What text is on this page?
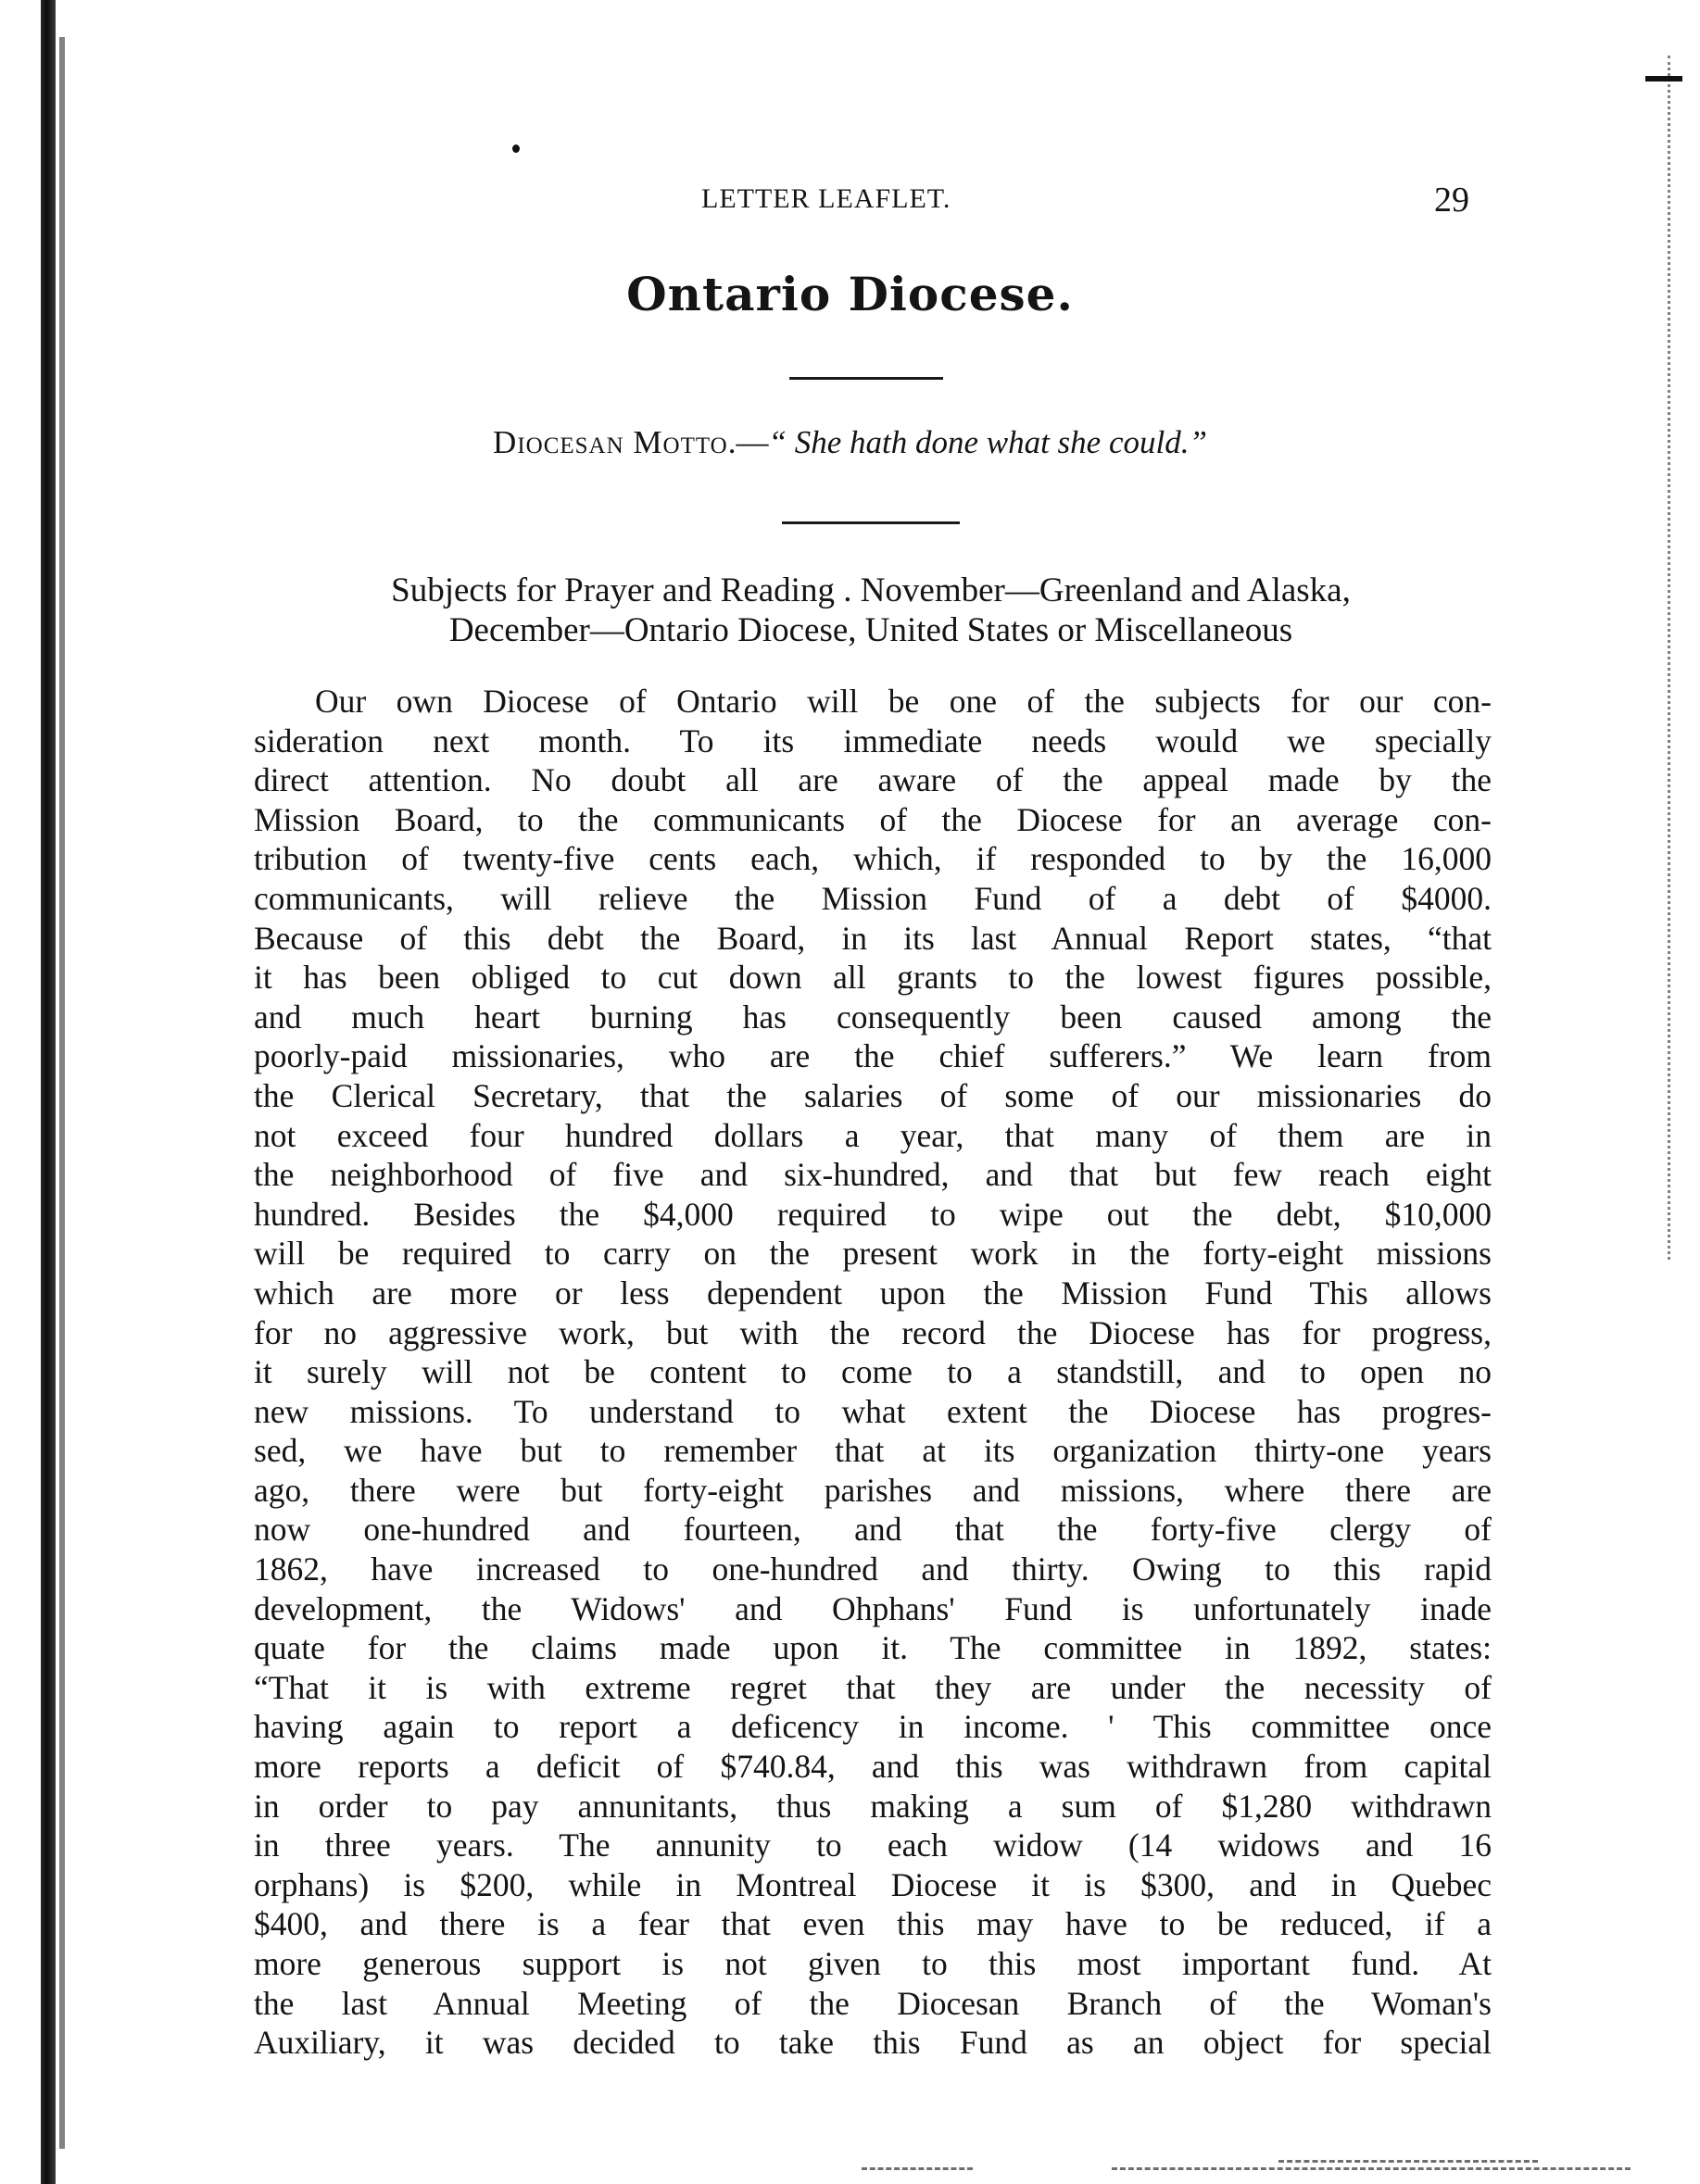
LETTER LEAFLET.	29
Ontario Diocese.
Diocesan Motto.—“ She hath done what she could.”
Subjects for Prayer and Reading . November—Greenland and Alaska,
December—Ontario Diocese, United States or Miscellaneous
Our own Diocese of Ontario will be one of the subjects for our con-
sideration next month. To its immediate needs would we specially
direct attention. No doubt all are aware of the appeal made by the
Mission Board, to the communicants of the Diocese for an average con-
tribution of twenty-five cents each, which, if responded to by the 16,000
communicants, will relieve the Mission Fund of a debt of $4000.
Because of this debt the Board, in its last Annual Report states, “that
it has been obliged to cut down all grants to the lowest figures possible,
and much heart burning has consequently been caused among the
poorly-paid missionaries, who are the chief sufferers.” We learn from
the Clerical Secretary, that the salaries of some of our missionaries do
not exceed four hundred dollars a year, that many of them are in
the neighborhood of five and six-hundred, and that but few reach eight
hundred. Besides the $4,000 required to wipe out the debt, $10,000
will be required to carry on the present work in the forty-eight missions
which are more or less dependent upon the Mission Fund This allows
for no aggressive work, but with the record the Diocese has for progress,
it surely will not be content to come to a standstill, and to open no
new missions. To understand to what extent the Diocese has progres-
sed, we have but to remember that at its organization thirty-one years
ago, there were but forty-eight parishes and missions, where there are
now one-hundred and fourteen, and that the forty-five clergy of
1862, have increased to one-hundred and thirty. Owing to this rapid
development, the Widows' and Ohphans' Fund is unfortunately inade
quate for the claims made upon it. The committee in 1892, states:
“That it is with extreme regret that they are under the necessity of
having again to report a deficency in income. ' This committee once
more reports a deficit of $740.84, and this was withdrawn from capital
in order to pay annunitants, thus making a sum of $1,280 withdrawn
in three years. The annunity to each widow (14 widows and 16
orphans) is $200, while in Montreal Diocese it is $300, and in Quebec
$400, and there is a fear that even this may have to be reduced, if a
more generous support is not given to this most important fund. At
the last Annual Meeting of the Diocesan Branch of the Woman's
Auxiliary, it was decided to take this Fund as an object for special
